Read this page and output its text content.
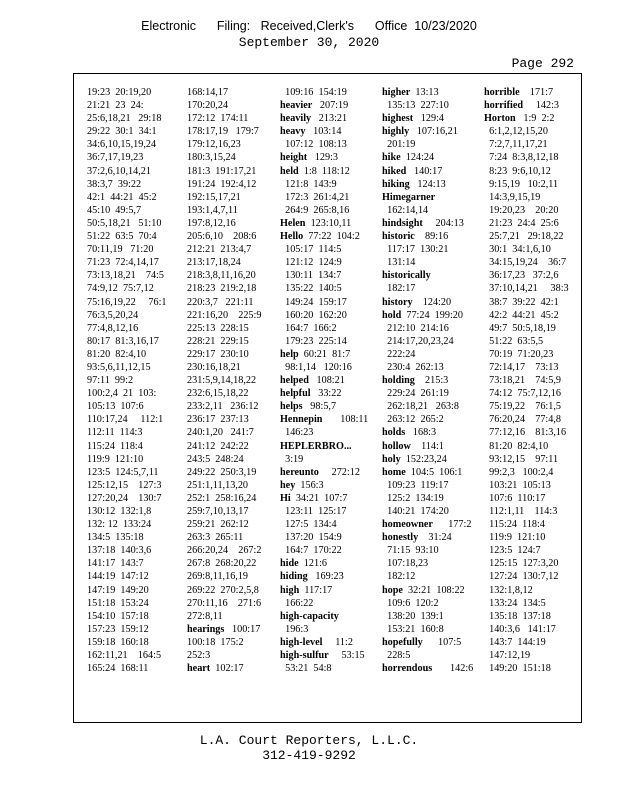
Electronic      Filing:   Received,Clerk's      Office  10/23/2020
September 30, 2020
Page 292
19:23  20:19,20
21:21  23  24:
25:6,18,21   29:18
29:22  30:1  34:1
34:6,10,15,19,24
36:7,17,19,23
37:2,6,10,14,21
38:3,7  39:22
42:1  44:21  45:2
45:10  49:5,7
50:5,18,21   51:10
51:22  63:5  70:4
70:11,19   71:20
71:23  72:4,14,17
73:13,18,21    74:5
74:9,12  75:7,12
75:16,19,22     76:1
76:3,5,20,24
77:4,8,12,16
80:17  81:3,16,17
81:20  82:4,10
93:5,6,11,12,15
97:11  99:2
100:2,4  21  103:
105:13  107:6
110:17,24     112:1
112:11  114:3
115:24  118:4
119:9  121:10
123:5  124:5,7,11
125:12,15    127:3
127:20,24    130:7
130:12  132:1,8
132: 12  133:24
134:5  135:18
137:18  140:3,6
141:17  143:7
144:19  147:12
147:19  149:20
151:18  153:24
154:10  157:18
157:23  159:12
159:18  160:18
162:11,21    164:5
165:24  168:11
168:14,17
170:20,24
172:12  174:11
178:17,19   179:7
179:12,16,23
180:3,15,24
181:3  191:17,21
191:24  192:4,12
192:15,17,21
193:1,4,7,11
197:8,12,16
205:6,10    208:6
212:21  213:4,7
213:17,18,24
218:3,8,11,16,20
218:23  219:2,18
220:3,7   221:11
221:16,20    225:9
225:13  228:15
228:21  229:15
229:17  230:10
230:16,18,21
231:5,9,14,18,22
232:6,15,18,22
233:2,11   236:12
236:17  237:13
240:1,20   241:7
241:12  242:22
243:5  248:24
249:22  250:3,19
251:1,11,13,20
252:1  258:16,24
259:7,10,13,17
259:21  262:12
263:3  265:11
266:20,24    267:2
267:8  268:20,22
269:8,11,16,19
269:22  270:2,5,8
270:11,16    271:6
272:8,11
hearings   100:17
100:18  175:2
252:3
heart  102:17
109:16  154:19
heavier   207:19
heavily   213:21
heavy   103:14
107:12  108:13
height   129:3
held  1:8  118:12
121:8  143:9
172:3  261:4,21
264:9  265:8,16
Helen  123:10,11
Hello  77:22  104:2
105:17  114:5
121:12  124:9
130:11  134:7
135:22  140:5
149:24  159:17
160:20  162:20
164:7  166:2
179:23  225:14
help  60:21  81:7
98:1,14   120:16
helped   108:21
helpful   33:22
helps   98:5,7
Hennepin       108:11
146:23
HEPLERBRO...
3:19
hereunto     272:12
hey  156:3
Hi  34:21  107:7
123:11  125:17
127:5  134:4
137:20  154:9
164:7  170:22
hide  121:6
hiding   169:23
high  117:17
166:22
high-capacity
196:3
high-level     11:2
high-sulfur     53:15
53:21  54:8
higher  13:13
135:13  227:10
highest   129:4
highly   107:16,21
201:19
hike  124:24
hiked   140:17
hiking   124:13
Himegarner
162:14,14
hindsight     204:13
historic    89:16
117:17  130:21
131:14
historically
182:17
history    124:20
hold  77:24  199:20
212:10  214:16
214:17,20,23,24
222:24
230:4  262:13
holding    215:3
229:24  261:19
262:18,21   263:8
263:12  265:2
holds   168:3
hollow    114:1
holy  152:23,24
home  104:5  106:1
109:23  119:17
125:2  134:19
140:21  174:20
homeowner      177:2
honestly    31:24
71:15  93:10
107:18,23
182:12
hope  32:21  108:22
109:6  120:2
138:20  139:1
153:21  160:8
hopefully      107:5
228:5
horrendous       142:6
horrible    171:7
horrified     142:3
Horton   1:9  2:2
6:1,2,12,15,20
7:2,7,11,17,21
7:24  8:3,8,12,18
8:23  9:6,10,12
9:15,19   10:2,11
14:3,9,15,19
19:20,23    20:20
21:23  24:4  25:6
25:7,21   29:18,22
30:1  34:1,6,10
34:15,19,24    36:7
36:17,23   37:2,6
37:10,14,21     38:3
38:7  39:22  42:1
42:2  44:21  45:2
49:7  50:5,18,19
51:22  63:5,5
70:19  71:20,23
72:14,17    73:13
73:18,21    74:5,9
74:12  75:7,12,16
75:19,22    76:1,5
76:20,24    77:4,8
77:12,16    81:3,16
81:20  82:4,10
93:12,15    97:11
99:2,3   100:2,4
103:21  105:13
107:6  110:17
112:1,11    114:3
115:24  118:4
119:9  121:10
123:5  124:7
125:15  127:3,20
127:24  130:7,12
132:1,8,12
133:24  134:5
135:18  137:18
140:3,6   141:17
143:7  144:19
147:12,19
149:20  151:18
L.A. Court Reporters, L.L.C.
312-419-9292
